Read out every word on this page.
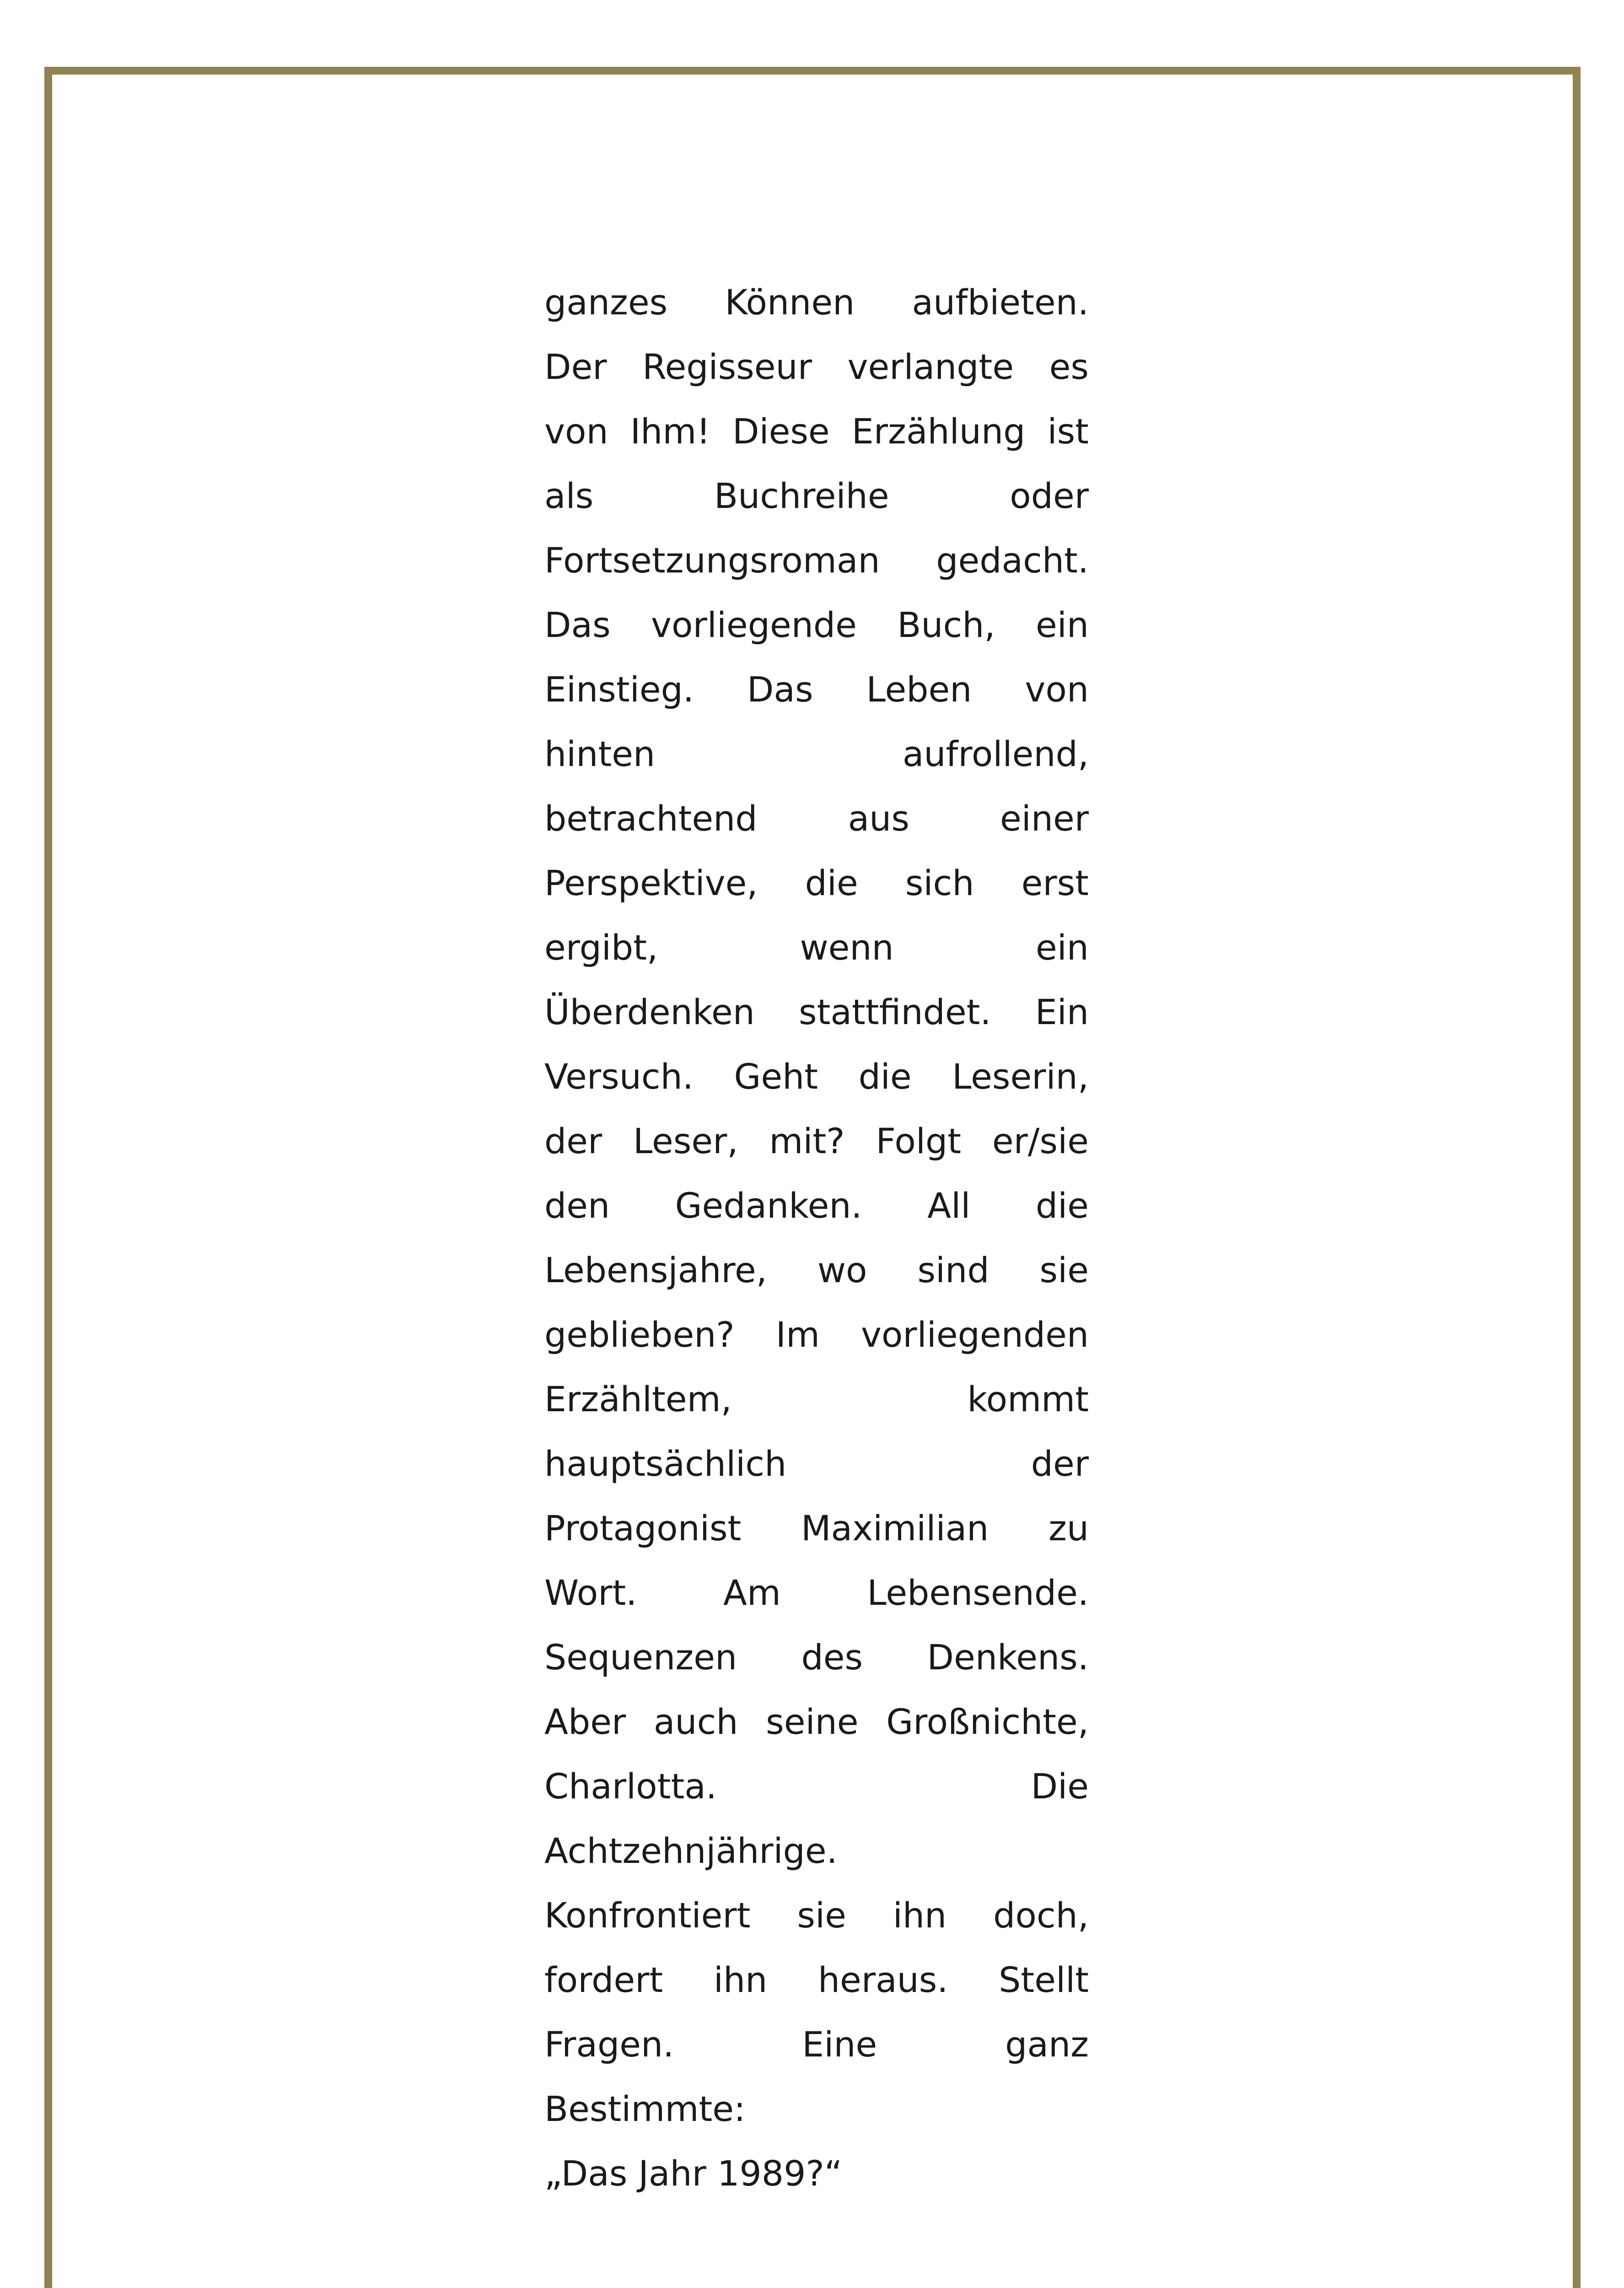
ganzes Können aufbieten.
Der Regisseur verlangte es
von Ihm! Diese Erzählung ist
als	Buchreihe	oder
Fortsetzungsroman gedacht.
Das vorliegende Buch, ein
Einstieg. Das Leben von
hinten	aufrollend,
betrachtend	aus	einer
Perspektive, die sich erst
ergibt,	wenn	ein
Überdenken stattfindet. Ein
Versuch. Geht die Leserin,
der Leser, mit? Folgt er/sie
den Gedanken. All die
Lebensjahre, wo sind sie
geblieben? Im vorliegenden
Erzähltem,	kommt
hauptsächlich	der
Protagonist Maximilian zu
Wort. Am Lebensende.
Sequenzen des Denkens.
Aber auch seine Großnichte,
Charlotta.	Die
Achtzehnjährige.
Konfrontiert sie ihn doch,
fordert ihn heraus. Stellt
Fragen.	Eine	ganz
Bestimmte:
„Das Jahr 1989?“
